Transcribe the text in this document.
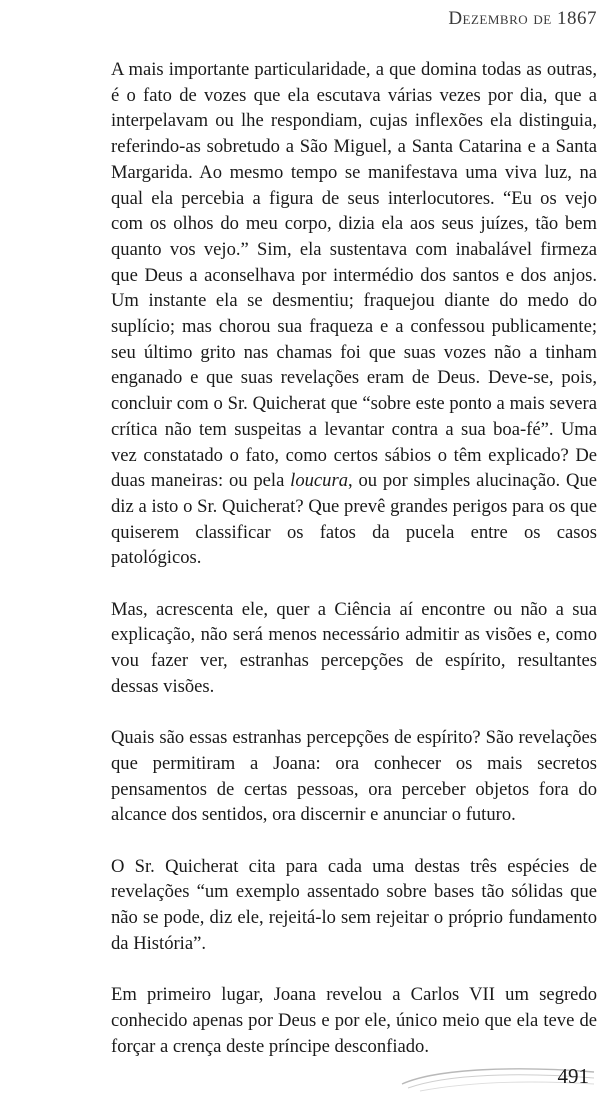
Dezembro de 1867

A mais importante particularidade, a que domina todas as outras, é o fato de vozes que ela escutava várias vezes por dia, que a interpelavam ou lhe respondiam, cujas inflexões ela distinguia, referindo-as sobretudo a São Miguel, a Santa Catarina e a Santa Margarida. Ao mesmo tempo se manifestava uma viva luz, na qual ela percebia a figura de seus interlocutores. “Eu os vejo com os olhos do meu corpo, dizia ela aos seus juízes, tão bem quanto vos vejo.” Sim, ela sustentava com inabalável firmeza que Deus a aconselhava por intermédio dos santos e dos anjos. Um instante ela se desmentiu; fraquejou diante do medo do suplício; mas chorou sua fraqueza e a confessou publicamente; seu último grito nas chamas foi que suas vozes não a tinham enganado e que suas revelações eram de Deus. Deve-se, pois, concluir com o Sr. Quicherat que “sobre este ponto a mais severa crítica não tem suspeitas a levantar contra a sua boa-fé”. Uma vez constatado o fato, como certos sábios o têm explicado? De duas maneiras: ou pela loucura, ou por simples alucinação. Que diz a isto o Sr. Quicherat? Que prevê grandes perigos para os que quiserem classificar os fatos da pucela entre os casos patológicos.

Mas, acrescenta ele, quer a Ciência aí encontre ou não a sua explicação, não será menos necessário admitir as visões e, como vou fazer ver, estranhas percepções de espírito, resultantes dessas visões.

Quais são essas estranhas percepções de espírito? São revelações que permitiram a Joana: ora conhecer os mais secretos pensamentos de certas pessoas, ora perceber objetos fora do alcance dos sentidos, ora discernir e anunciar o futuro.

O Sr. Quicherat cita para cada uma destas três espécies de revelações “um exemplo assentado sobre bases tão sólidas que não se pode, diz ele, rejeitá-lo sem rejeitar o próprio fundamento da História”.

Em primeiro lugar, Joana revelou a Carlos VII um segredo conhecido apenas por Deus e por ele, único meio que ela teve de forçar a crença deste príncipe desconfiado.

491
